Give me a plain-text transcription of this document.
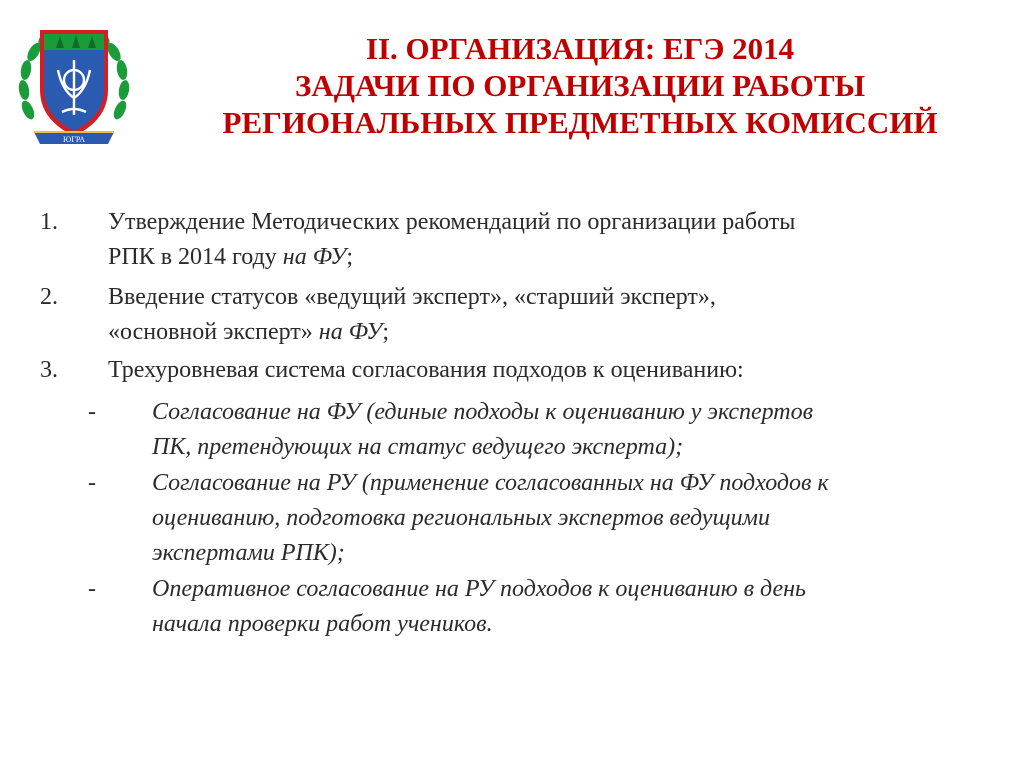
ЮГРА
II. ОРГАНИЗАЦИЯ: ЕГЭ 2014
ЗАДАЧИ ПО ОРГАНИЗАЦИИ РАБОТЫ
РЕГИОНАЛЬНЫХ ПРЕДМЕТНЫХ КОМИССИЙ
1. Утверждение Методических рекомендаций по организации работы
РПК в 2014 году на ФУ;
2. Введение статусов «ведущий эксперт», «старший эксперт»,
«основной эксперт» на ФУ;
3. Трехуровневая система согласования подходов к оцениванию:
- Согласование на ФУ (единые подходы к оцениванию у экспертов
ПК, претендующих на статус ведущего эксперта);
- Согласование на РУ (применение согласованных на ФУ подходов к
оцениванию, подготовка региональных экспертов ведущими
экспертами РПК);
- Оперативное согласование на РУ подходов к оцениванию в день
начала проверки работ учеников.
